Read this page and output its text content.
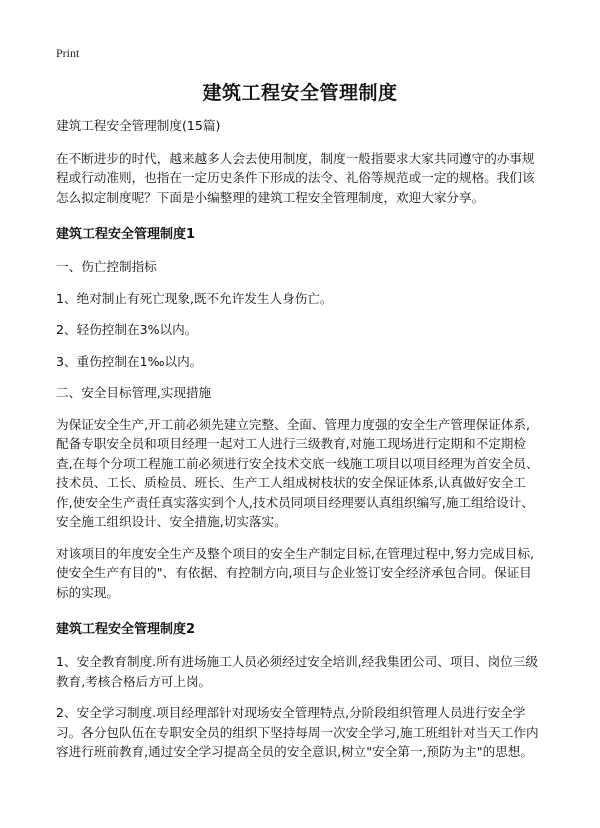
Print
建筑工程安全管理制度

建筑工程安全管理制度(15篇)

在不断进步的时代，越来越多人会去使用制度，制度一般指要求大家共同遵守的办事规程或行动准则，也指在一定历史条件下形成的法令、礼俗等规范或一定的规格。我们该怎么拟定制度呢？下面是小编整理的建筑工程安全管理制度，欢迎大家分享。

建筑工程安全管理制度1

一、伤亡控制指标

1、绝对制止有死亡现象,既不允许发生人身伤亡。

2、轻伤控制在3%以内。

3、重伤控制在1‰以内。

二、安全目标管理,实现措施

为保证安全生产,开工前必须先建立完整、全面、管理力度强的安全生产管理保证体系,配备专职安全员和项目经理一起对工人进行三级教育,对施工现场进行定期和不定期检查,在每个分项工程施工前必须进行安全技术交底一线施工项目以项目经理为首安全员、技术员、工长、质检员、班长、生产工人组成树枝状的安全保证体系,认真做好安全工作,使安全生产责任真实落实到个人,技术员同项目经理要认真组织编写,施工组给设计、安全施工组织设计、安全措施,切实落实。

对该项目的年度安全生产及整个项目的安全生产制定目标,在管理过程中,努力完成目标,使安全生产有目的"、有依据、有控制方向,项目与企业签订安全经济承包合同。保证目标的实现。

建筑工程安全管理制度2

1、安全教育制度.所有进场施工人员必须经过安全培训,经我集团公司、项目、岗位三级教育,考核合格后方可上岗。

2、安全学习制度.项目经理部针对现场安全管理特点,分阶段组织管理人员进行安全学习。各分包队伍在专职安全员的组织下坚持每周一次安全学习,施工班组针对当天工作内容进行班前教育,通过安全学习提高全员的安全意识,树立"安全第一,预防为主"的思想。
